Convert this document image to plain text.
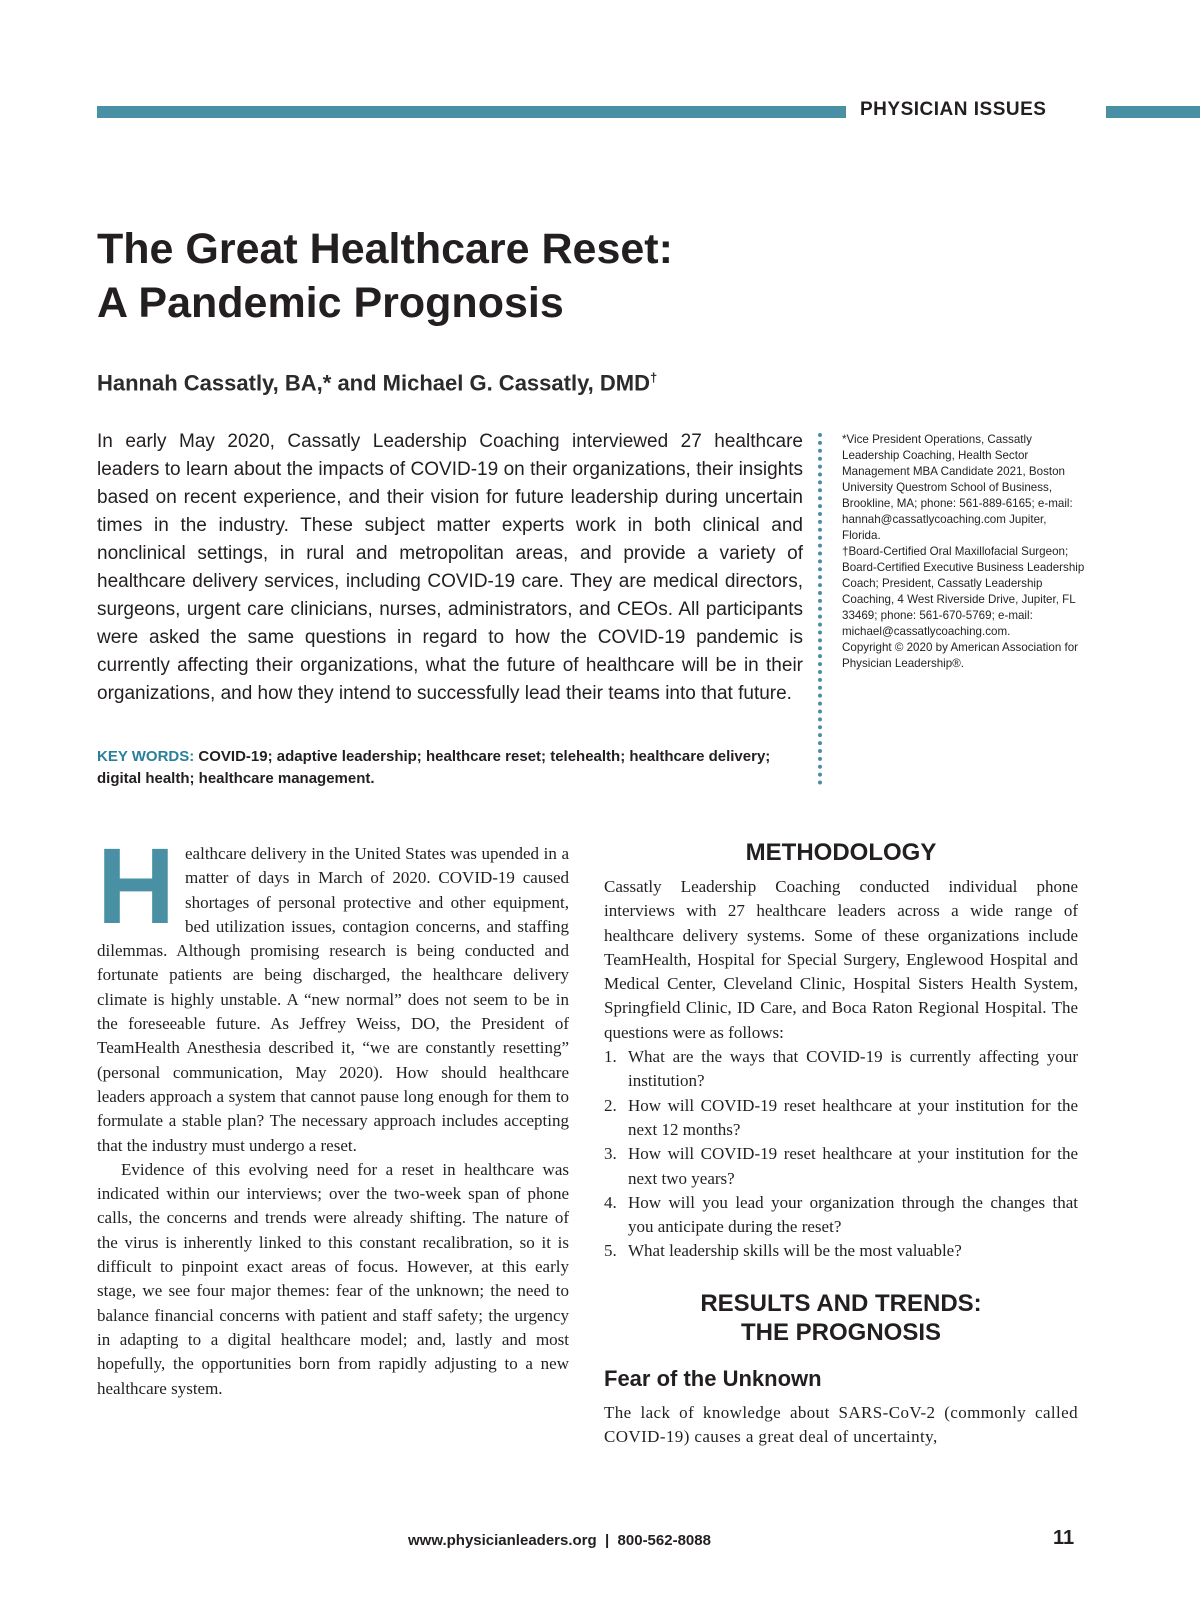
PHYSICIAN ISSUES
The Great Healthcare Reset:
A Pandemic Prognosis
Hannah Cassatly, BA,* and Michael G. Cassatly, DMD†

In early May 2020, Cassatly Leadership Coaching interviewed 27 healthcare leaders to learn about the impacts of COVID-19 on their organizations, their insights based on recent experience, and their vision for future leadership during uncertain times in the industry. These subject matter experts work in both clinical and nonclinical settings, in rural and metropolitan areas, and provide a variety of healthcare delivery services, including COVID-19 care. They are medical directors, surgeons, urgent care clinicians, nurses, administrators, and CEOs. All participants were asked the same questions in regard to how the COVID-19 pandemic is currently affecting their organizations, what the future of healthcare will be in their organizations, and how they intend to successfully lead their teams into that future.

KEY WORDS: COVID-19; adaptive leadership; healthcare reset; telehealth; healthcare delivery; digital health; healthcare management.

*Vice President Operations, Cassatly Leadership Coaching, Health Sector Management MBA Candidate 2021, Boston University Questrom School of Business, Brookline, MA; phone: 561-889-6165; e-mail: hannah@cassatlycoaching.com Jupiter, Florida.

†Board-Certified Oral Maxillofacial Surgeon; Board-Certified Executive Business Leadership Coach; President, Cassatly Leadership Coaching, 4 West Riverside Drive, Jupiter, FL 33469; phone: 561-670-5769; e-mail: michael@cassatlycoaching.com.

Copyright © 2020 by American Association for Physician Leadership®.

Healthcare delivery in the United States was upended in a matter of days in March of 2020. COVID-19 caused shortages of personal protective and other equipment, bed utilization issues, contagion concerns, and staffing dilemmas. Although promising research is being conducted and fortunate patients are being discharged, the healthcare delivery climate is highly unstable. A “new normal” does not seem to be in the foreseeable future. As Jeffrey Weiss, DO, the President of TeamHealth Anesthesia described it, “we are constantly resetting” (personal communication, May 2020). How should healthcare leaders approach a system that cannot pause long enough for them to formulate a stable plan? The necessary approach includes accepting that the industry must undergo a reset.

Evidence of this evolving need for a reset in healthcare was indicated within our interviews; over the two-week span of phone calls, the concerns and trends were already shifting. The nature of the virus is inherently linked to this constant recalibration, so it is difficult to pinpoint exact areas of focus. However, at this early stage, we see four major themes: fear of the unknown; the need to balance financial concerns with patient and staff safety; the urgency in adapting to a digital healthcare model; and, lastly and most hopefully, the opportunities born from rapidly adjusting to a new healthcare system.

METHODOLOGY

Cassatly Leadership Coaching conducted individual phone interviews with 27 healthcare leaders across a wide range of healthcare delivery systems. Some of these organizations include TeamHealth, Hospital for Special Surgery, Englewood Hospital and Medical Center, Cleveland Clinic, Hospital Sisters Health System, Springfield Clinic, ID Care, and Boca Raton Regional Hospital. The questions were as follows:

1. What are the ways that COVID-19 is currently affecting your institution?
2. How will COVID-19 reset healthcare at your institution for the next 12 months?
3. How will COVID-19 reset healthcare at your institution for the next two years?
4. How will you lead your organization through the changes that you anticipate during the reset?
5. What leadership skills will be the most valuable?
RESULTS AND TRENDS:
THE PROGNOSIS
Fear of the Unknown

The lack of knowledge about SARS-CoV-2 (commonly called COVID-19) causes a great deal of uncertainty,

www.physicianleaders.org  |  800-562-8088	11
